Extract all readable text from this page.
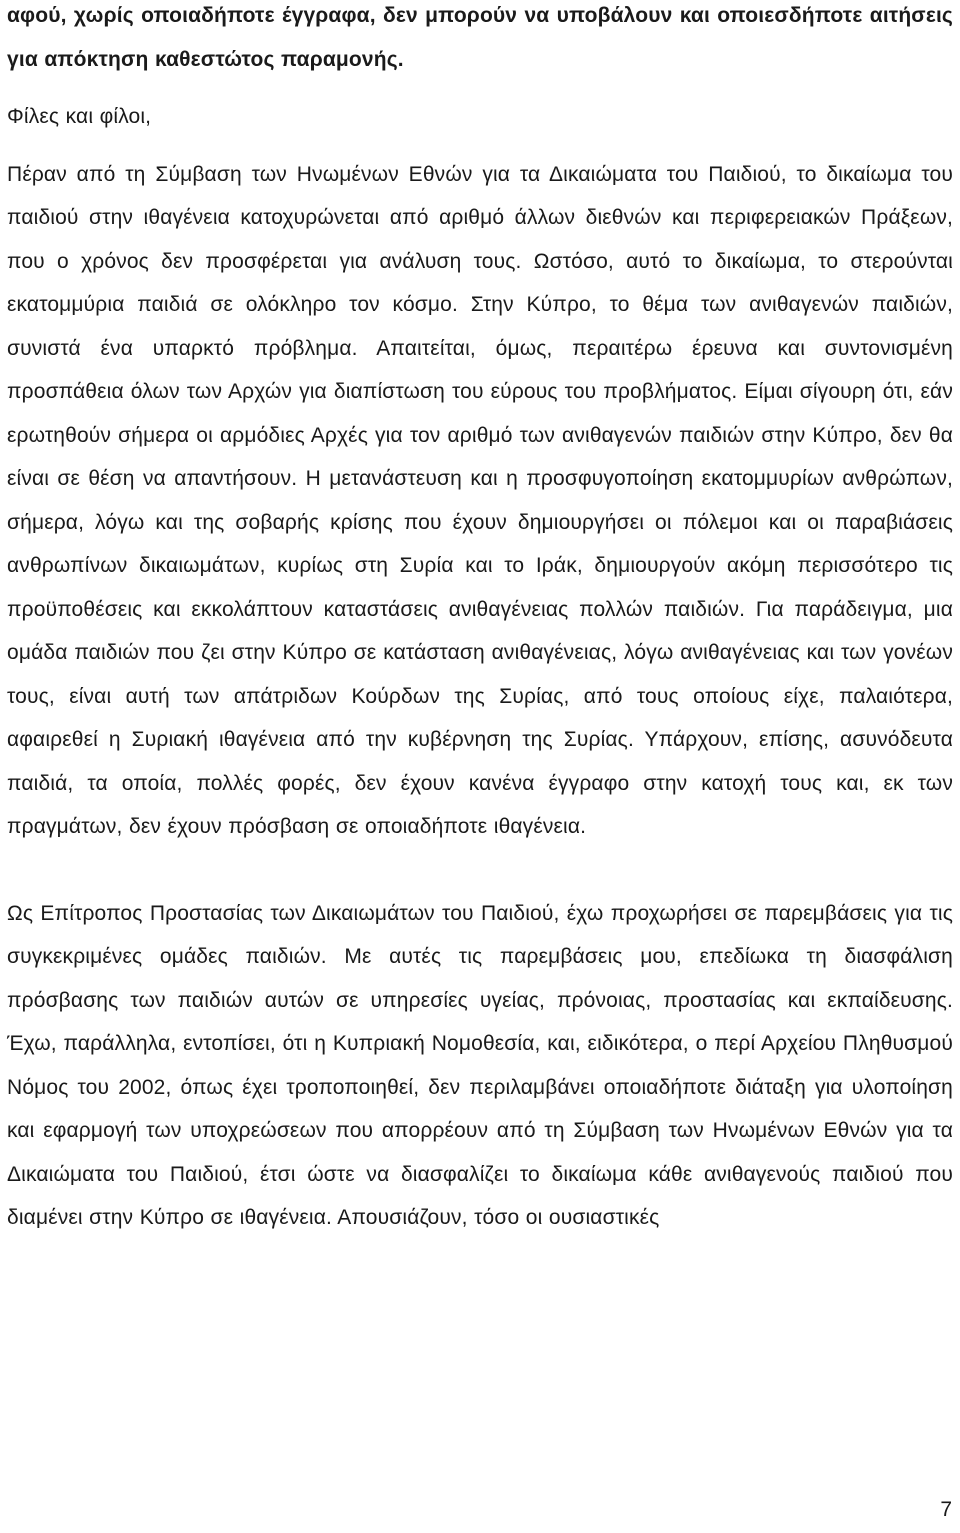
αφού, χωρίς οποιαδήποτε έγγραφα, δεν μπορούν να υποβάλουν και οποιεσδήποτε αιτήσεις για απόκτηση καθεστώτος παραμονής.

Φίλες και φίλοι,

Πέραν από τη Σύμβαση των Ηνωμένων Εθνών για τα Δικαιώματα του Παιδιού, το δικαίωμα του παιδιού στην ιθαγένεια κατοχυρώνεται από αριθμό άλλων διεθνών και περιφερειακών Πράξεων, που ο χρόνος δεν προσφέρεται για ανάλυση τους. Ωστόσο, αυτό το δικαίωμα, το στερούνται εκατομμύρια παιδιά σε ολόκληρο τον κόσμο. Στην Κύπρο, το θέμα των ανιθαγενών παιδιών, συνιστά ένα υπαρκτό πρόβλημα. Απαιτείται, όμως, περαιτέρω έρευνα και συντονισμένη προσπάθεια όλων των Αρχών για διαπίστωση του εύρους του προβλήματος. Είμαι σίγουρη ότι, εάν ερωτηθούν σήμερα οι αρμόδιες Αρχές για τον αριθμό των ανιθαγενών παιδιών στην Κύπρο, δεν θα είναι σε θέση να απαντήσουν. Η μετανάστευση και η προσφυγοποίηση εκατομμυρίων ανθρώπων, σήμερα, λόγω και της σοβαρής κρίσης που έχουν δημιουργήσει οι πόλεμοι και οι παραβιάσεις ανθρωπίνων δικαιωμάτων, κυρίως στη Συρία και το Ιράκ, δημιουργούν ακόμη περισσότερο τις προϋποθέσεις και εκκολάπτουν καταστάσεις ανιθαγένειας πολλών παιδιών. Για παράδειγμα, μια ομάδα παιδιών που ζει στην Κύπρο σε κατάσταση ανιθαγένειας, λόγω ανιθαγένειας και των γονέων τους, είναι αυτή των απάτριδων Κούρδων της Συρίας, από τους οποίους είχε, παλαιότερα, αφαιρεθεί η Συριακή ιθαγένεια από την κυβέρνηση της Συρίας. Υπάρχουν, επίσης, ασυνόδευτα παιδιά, τα οποία, πολλές φορές, δεν έχουν κανένα έγγραφο στην κατοχή τους και, εκ των πραγμάτων, δεν έχουν πρόσβαση σε οποιαδήποτε ιθαγένεια.

Ως Επίτροπος Προστασίας των Δικαιωμάτων του Παιδιού, έχω προχωρήσει σε παρεμβάσεις για τις συγκεκριμένες ομάδες παιδιών. Με αυτές τις παρεμβάσεις μου, επεδίωκα τη διασφάλιση πρόσβασης των παιδιών αυτών σε υπηρεσίες υγείας, πρόνοιας, προστασίας και εκπαίδευσης. Έχω, παράλληλα, εντοπίσει, ότι η Κυπριακή Νομοθεσία, και, ειδικότερα, ο περί Αρχείου Πληθυσμού Νόμος του 2002, όπως έχει τροποποιηθεί, δεν περιλαμβάνει οποιαδήποτε διάταξη για υλοποίηση και εφαρμογή των υποχρεώσεων που απορρέουν από τη Σύμβαση των Ηνωμένων Εθνών για τα Δικαιώματα του Παιδιού, έτσι ώστε να διασφαλίζει το δικαίωμα κάθε ανιθαγενούς παιδιού που διαμένει στην Κύπρο σε ιθαγένεια. Απουσιάζουν, τόσο οι ουσιαστικές

7
